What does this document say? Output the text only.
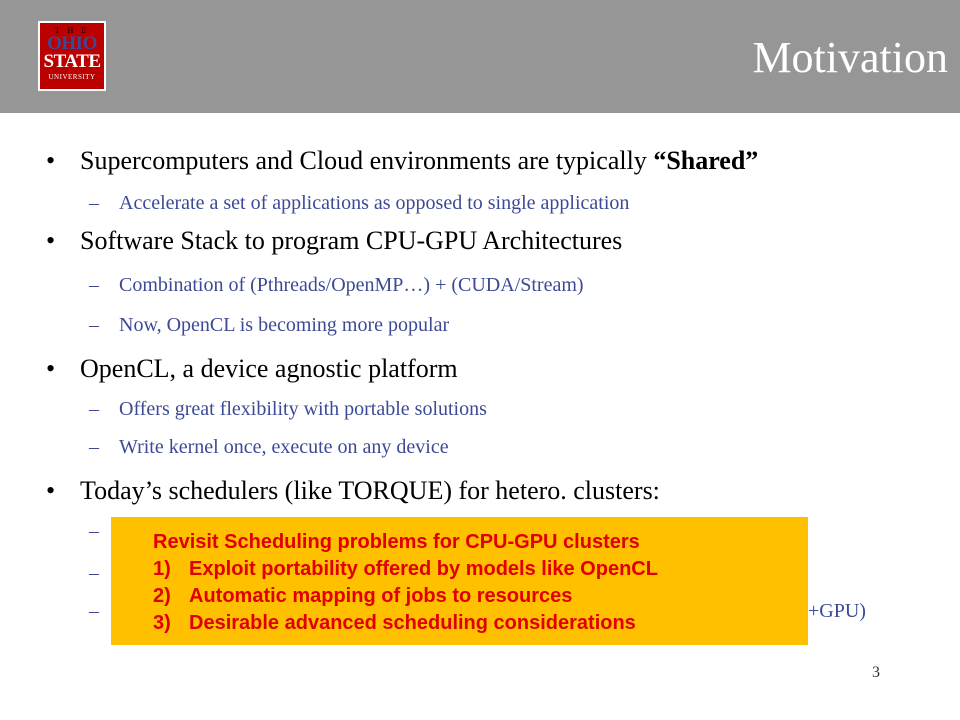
T H E
OHIO
STATE
UNIVERSITY	Motivation
• Supercomputers and Cloud environments are typically “Shared”
– Accelerate a set of applications as opposed to single application
• Software Stack to program CPU-GPU Architectures
– Combination of (Pthreads/OpenMP…) + (CUDA/Stream)
– Now, OpenCL is becoming more popular
• OpenCL, a device agnostic platform
– Offers great flexibility with portable solutions
– Write kernel once, execute on any device
• Today’s schedulers (like TORQUE) for hetero. clusters:
–
–
–	+GPU)
Revisit Scheduling problems for CPU-GPU clusters
1) Exploit portability offered by models like OpenCL
2) Automatic mapping of jobs to resources
3) Desirable advanced scheduling considerations
3
